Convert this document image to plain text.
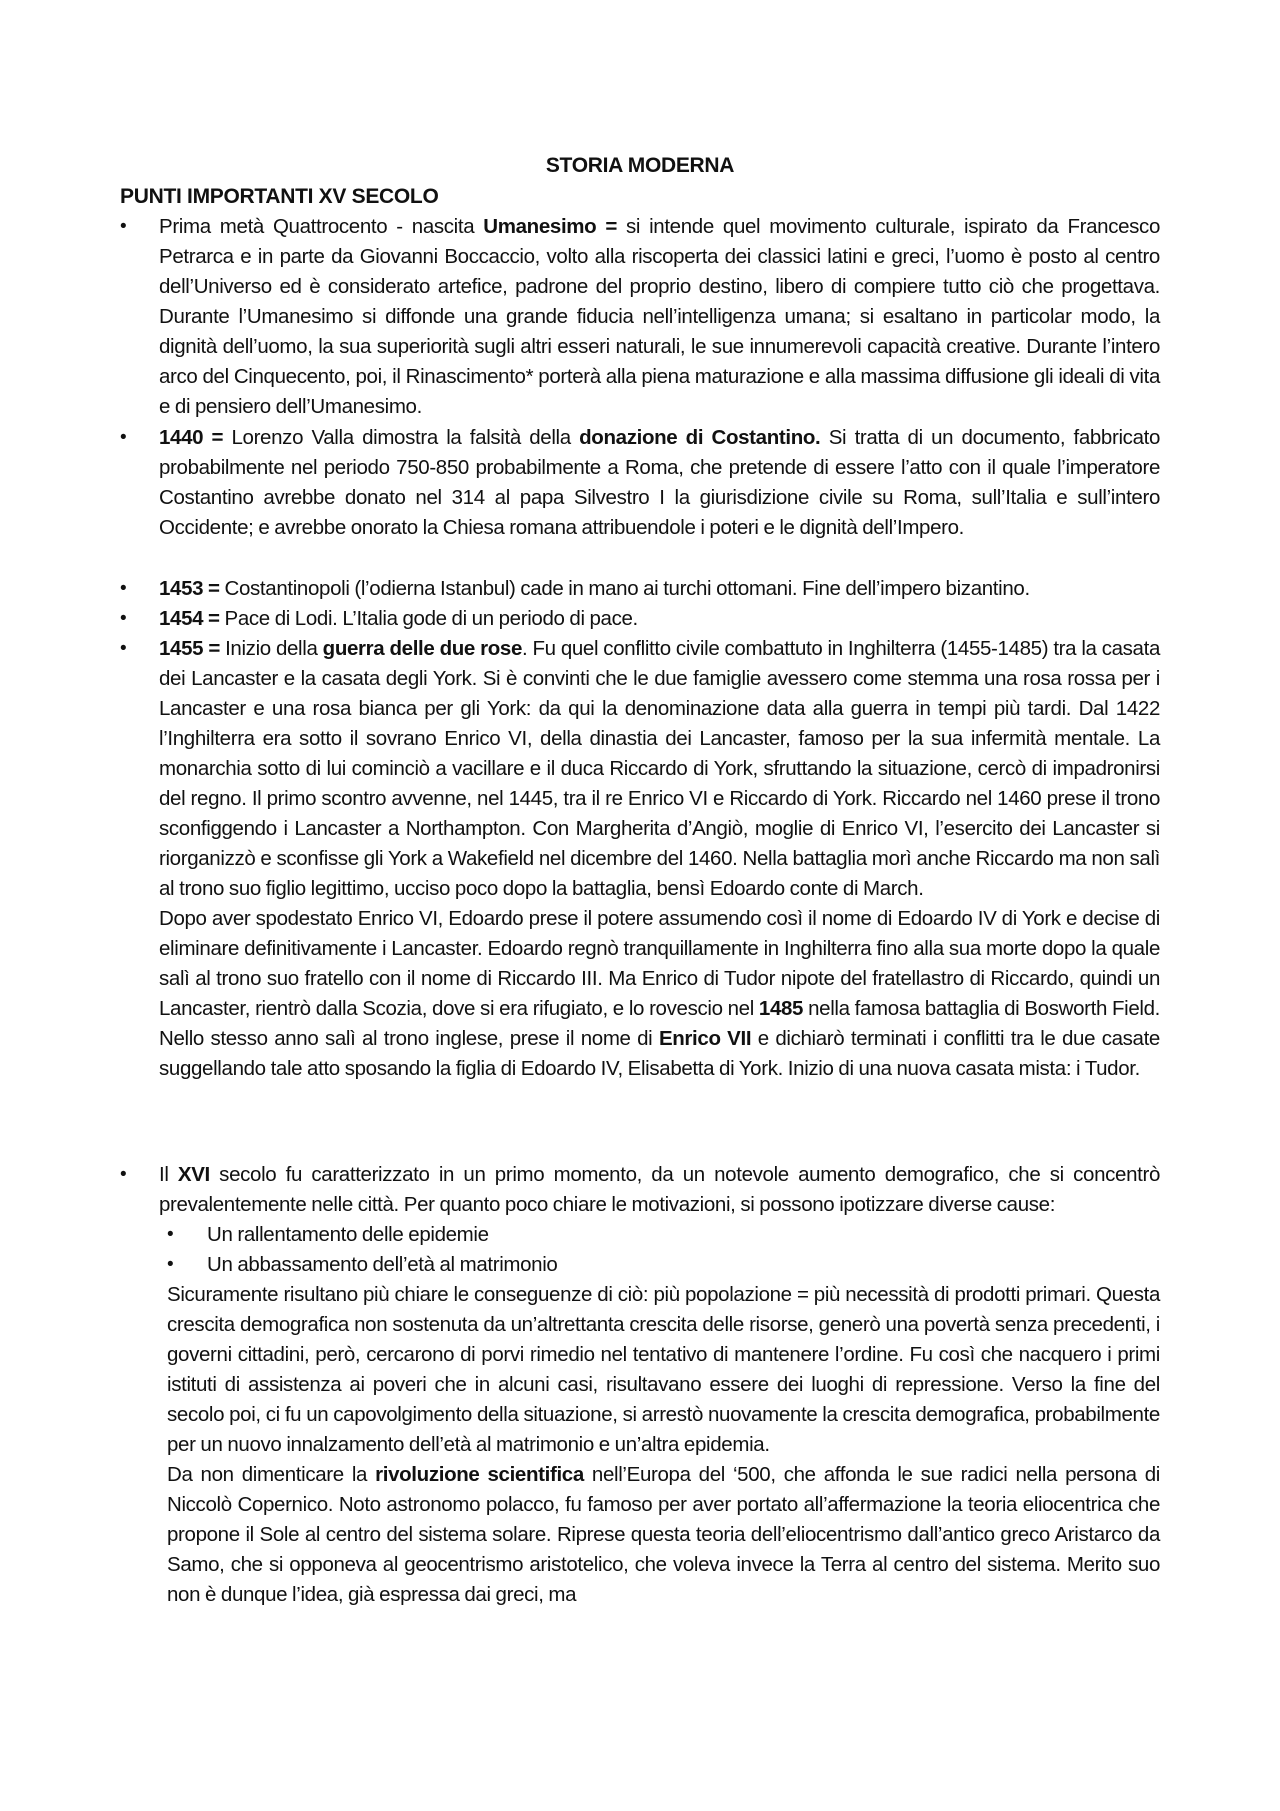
STORIA MODERNA
PUNTI IMPORTANTI XV SECOLO
•	Prima metà Quattrocento - nascita Umanesimo = si intende quel movimento culturale, ispirato da Francesco Petrarca e in parte da Giovanni Boccaccio, volto alla riscoperta dei classici latini e greci, l’uomo è posto al centro dell’Universo ed è considerato artefice, padrone del proprio destino, libero di compiere tutto ciò che progettava. Durante l’Umanesimo si diffonde una grande fiducia nell’intelligenza umana; si esaltano in particolar modo, la dignità dell’uomo, la sua superiorità sugli altri esseri naturali, le sue innumerevoli capacità creative. Durante l’intero arco del Cinquecento, poi, il Rinascimento* porterà alla piena maturazione e alla massima diffusione gli ideali di vita e di pensiero dell’Umanesimo.
•	1440 = Lorenzo Valla dimostra la falsità della donazione di Costantino. Si tratta di un documento, fabbricato probabilmente nel periodo 750-850 probabilmente a Roma, che pretende di essere l’atto con il quale l’imperatore Costantino avrebbe donato nel 314 al papa Silvestro I la giurisdizione civile su Roma, sull’Italia e sull’intero Occidente; e avrebbe onorato la Chiesa romana attribuendole i poteri e le dignità dell’Impero.
•	1453 = Costantinopoli (l’odierna Istanbul) cade in mano ai turchi ottomani. Fine dell’impero bizantino.
•	1454 = Pace di Lodi. L’Italia gode di un periodo di pace.
•	1455 = Inizio della guerra delle due rose. Fu quel conflitto civile combattuto in Inghilterra (1455-1485) tra la casata dei Lancaster e la casata degli York. Si è convinti che le due famiglie avessero come stemma una rosa rossa per i Lancaster e una rosa bianca per gli York: da qui la denominazione data alla guerra in tempi più tardi. Dal 1422 l’Inghilterra era sotto il sovrano Enrico VI, della dinastia dei Lancaster, famoso per la sua infermità mentale. La monarchia sotto di lui cominciò a vacillare e il duca Riccardo di York, sfruttando la situazione, cercò di impadronirsi del regno. Il primo scontro avvenne, nel 1445, tra il re Enrico VI e Riccardo di York. Riccardo nel 1460 prese il trono sconfiggendo i Lancaster a Northampton. Con Margherita d’Angiò, moglie di Enrico VI, l’esercito dei Lancaster si riorganizzò e sconfisse gli York a Wakefield nel dicembre del 1460. Nella battaglia morì anche Riccardo ma non salì al trono suo figlio legittimo, ucciso poco dopo la battaglia, bensì Edoardo conte di March.

Dopo aver spodestato Enrico VI, Edoardo prese il potere assumendo così il nome di Edoardo IV di York e decise di eliminare definitivamente i Lancaster. Edoardo regnò tranquillamente in Inghilterra fino alla sua morte dopo la quale salì al trono suo fratello con il nome di Riccardo III. Ma Enrico di Tudor nipote del fratellastro di Riccardo, quindi un Lancaster, rientrò dalla Scozia, dove si era rifugiato, e lo rovescio nel 1485 nella famosa battaglia di Bosworth Field. Nello stesso anno salì al trono inglese, prese il nome di Enrico VII e dichiarò terminati i conflitti tra le due casate suggellando tale atto sposando la figlia di Edoardo IV, Elisabetta di York. Inizio di una nuova casata mista: i Tudor.

•	Il XVI secolo fu caratterizzato in un primo momento, da un notevole aumento demografico, che si concentrò prevalentemente nelle città. Per quanto poco chiare le motivazioni, si possono ipotizzare diverse cause:

•	Un rallentamento delle epidemie
•	Un abbassamento dell’età al matrimonio

Sicuramente risultano più chiare le conseguenze di ciò: più popolazione = più necessità di prodotti primari. Questa crescita demografica non sostenuta da un’altrettanta crescita delle risorse, generò una povertà senza precedenti, i governi cittadini, però, cercarono di porvi rimedio nel tentativo di mantenere l’ordine. Fu così che nacquero i primi istituti di assistenza ai poveri che in alcuni casi, risultavano essere dei luoghi di repressione. Verso la fine del secolo poi, ci fu un capovolgimento della situazione, si arrestò nuovamente la crescita demografica, probabilmente per un nuovo innalzamento dell’età al matrimonio e un’altra epidemia.

Da non dimenticare la rivoluzione scientifica nell’Europa del ‘500, che affonda le sue radici nella persona di Niccolò Copernico. Noto astronomo polacco, fu famoso per aver portato all’affermazione la teoria eliocentrica che propone il Sole al centro del sistema solare. Riprese questa teoria dell’eliocentrismo dall’antico greco Aristarco da Samo, che si opponeva al geocentrismo aristotelico, che voleva invece la Terra al centro del sistema. Merito suo non è dunque l’idea, già espressa dai greci, ma
